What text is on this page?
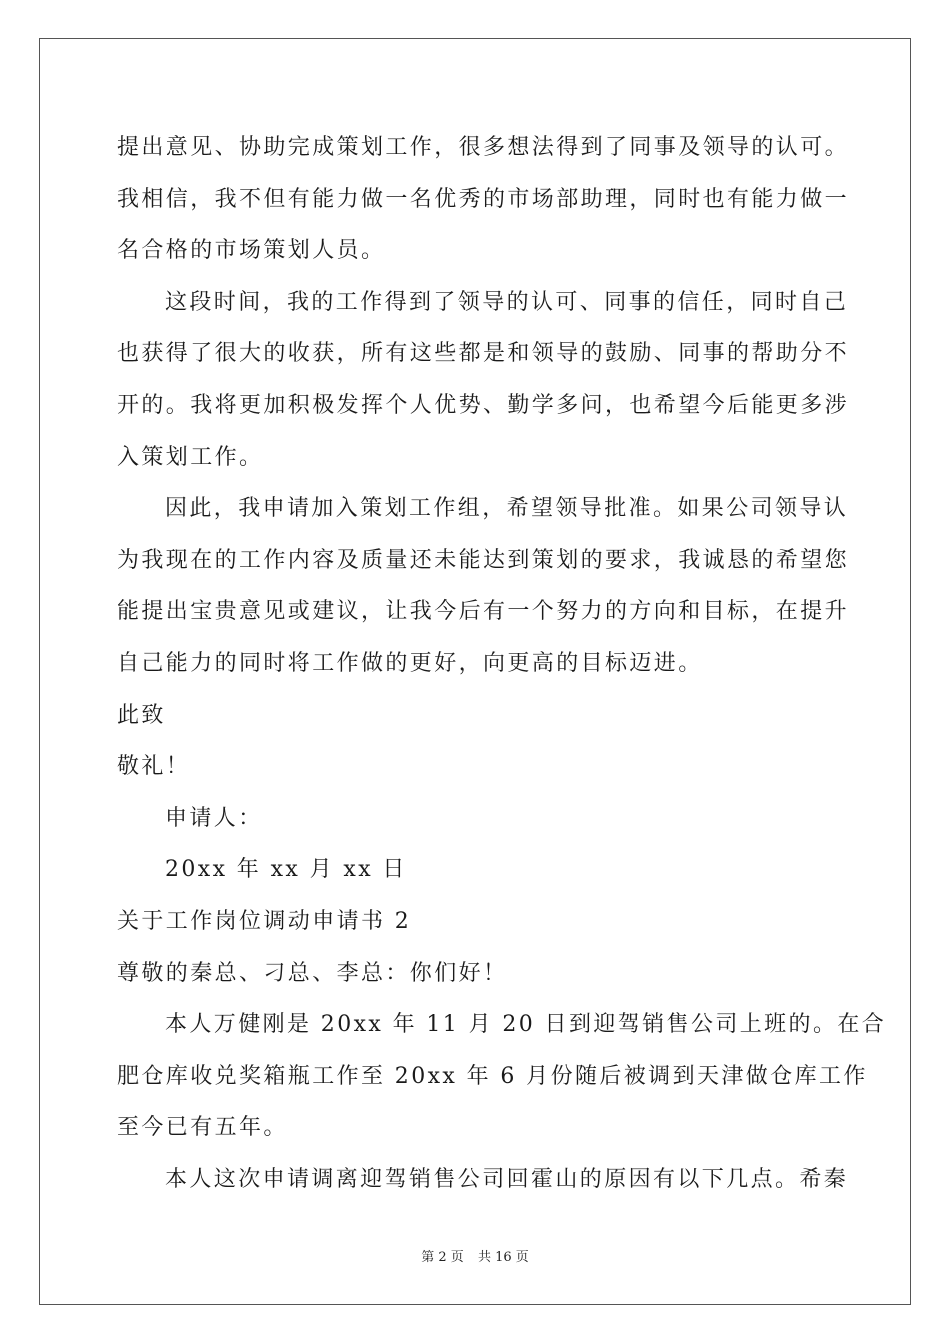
提出意见、协助完成策划工作，很多想法得到了同事及领导的认可。
我相信，我不但有能力做一名优秀的市场部助理，同时也有能力做一
名合格的市场策划人员。
这段时间，我的工作得到了领导的认可、同事的信任，同时自己
也获得了很大的收获，所有这些都是和领导的鼓励、同事的帮助分不
开的。我将更加积极发挥个人优势、勤学多问，也希望今后能更多涉
入策划工作。
因此，我申请加入策划工作组，希望领导批准。如果公司领导认
为我现在的工作内容及质量还未能达到策划的要求，我诚恳的希望您
能提出宝贵意见或建议，让我今后有一个努力的方向和目标，在提升
自己能力的同时将工作做的更好，向更高的目标迈进。
此致
敬礼！
申请人：
20xx 年 xx 月 xx 日
关于工作岗位调动申请书 2
尊敬的秦总、刁总、李总：你们好！
本人万健刚是 20xx 年 11 月 20 日到迎驾销售公司上班的。在合
肥仓库收兑奖箱瓶工作至 20xx 年 6 月份随后被调到天津做仓库工作
至今已有五年。
本人这次申请调离迎驾销售公司回霍山的原因有以下几点。希秦
第 2 页 共 16 页
